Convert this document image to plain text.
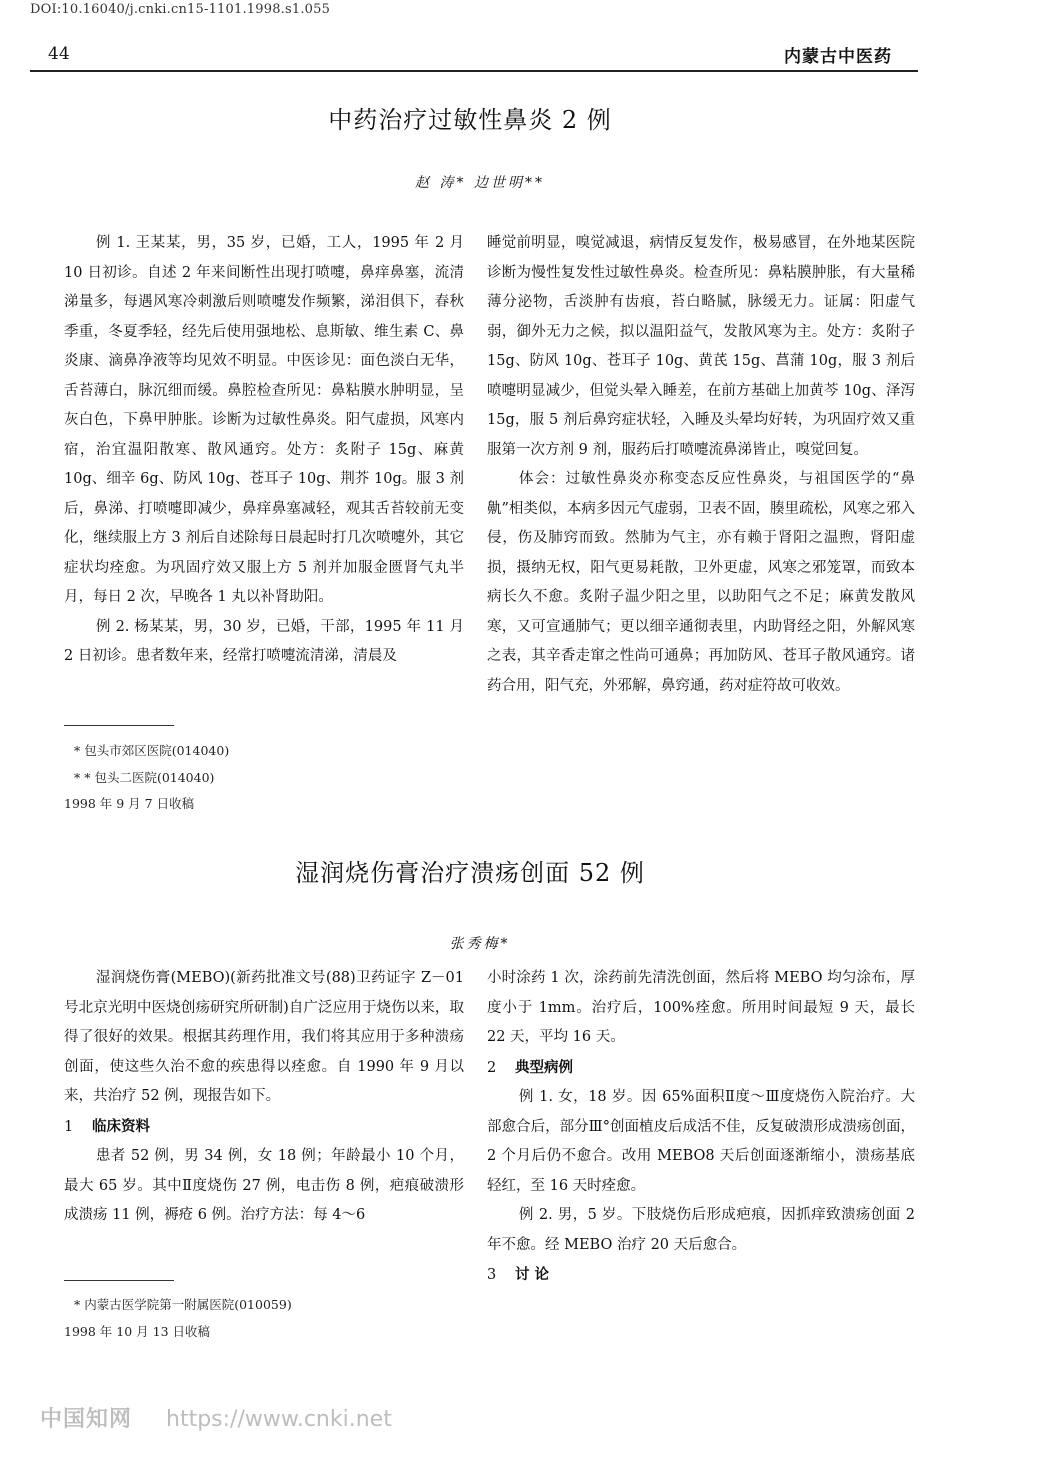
DOI:10.16040/j.cnki.cn15-1101.1998.s1.055
44	内蒙古中医药
中药治疗过敏性鼻炎 2 例
赵 涛* 边世明**

例 1. 王某某，男，35 岁，已婚，工人，1995 年 2 月 10 日初诊。自述 2 年来间断性出现打喷嚏，鼻痒鼻塞，流清涕量多，每遇风寒冷刺激后则喷嚏发作频繁，涕泪俱下，春秋季重，冬夏季轻，经先后使用强地松、息斯敏、维生素 C、鼻炎康、滴鼻净液等均见效不明显。中医诊见：面色淡白无华，舌苔薄白，脉沉细而缓。鼻腔检查所见：鼻粘膜水肿明显，呈灰白色，下鼻甲肿胀。诊断为过敏性鼻炎。阳气虚损，风寒内宿，治宜温阳散寒、散风通窍。处方：炙附子 15g、麻黄 10g、细辛 6g、防风 10g、苍耳子 10g、荆芥 10g。服 3 剂后，鼻涕、打喷嚏即减少，鼻痒鼻塞减轻，观其舌苔较前无变化，继续服上方 3 剂后自述除每日晨起时打几次喷嚏外，其它症状均痊愈。为巩固疗效又服上方 5 剂并加服金匮肾气丸半月，每日 2 次，早晚各 1 丸以补肾助阳。

例 2. 杨某某，男，30 岁，已婚，干部，1995 年 11 月 2 日初诊。患者数年来，经常打喷嚏流清涕，清晨及

睡觉前明显，嗅觉减退，病情反复发作，极易感冒，在外地某医院诊断为慢性复发性过敏性鼻炎。检查所见：鼻粘膜肿胀，有大量稀薄分泌物，舌淡肿有齿痕，苔白略腻，脉缓无力。证属：阳虚气弱，御外无力之候，拟以温阳益气，发散风寒为主。处方：炙附子 15g、防风 10g、苍耳子 10g、黄芪 15g、菖蒲 10g，服 3 剂后喷嚏明显减少，但觉头晕入睡差，在前方基础上加黄芩 10g、泽泻 15g，服 5 剂后鼻窍症状轻，入睡及头晕均好转，为巩固疗效又重服第一次方剂 9 剂，服药后打喷嚏流鼻涕皆止，嗅觉回复。

体会：过敏性鼻炎亦称变态反应性鼻炎，与祖国医学的“鼻鼽”相类似，本病多因元气虚弱，卫表不固，腠里疏松，风寒之邪入侵，伤及肺窍而致。然肺为气主，亦有赖于肾阳之温煦，肾阳虚损，摄纳无权，阳气更易耗散，卫外更虚，风寒之邪笼罩，而致本病长久不愈。炙附子温少阳之里，以助阳气之不足；麻黄发散风寒，又可宣通肺气；更以细辛通彻表里，内助肾经之阳，外解风寒之表，其辛香走窜之性尚可通鼻；再加防风、苍耳子散风通窍。诸药合用，阳气充，外邪解，鼻窍通，药对症符故可收效。

* 包头市郊区医院(014040)
* * 包头二医院(014040)
1998 年 9 月 7 日收稿
湿润烧伤膏治疗溃疡创面 52 例
张秀梅*

湿润烧伤膏(MEBO)(新药批准文号(88)卫药证字 Z－01 号北京光明中医烧创疡研究所研制)自广泛应用于烧伤以来，取得了很好的效果。根据其药理作用，我们将其应用于多种溃疡创面，使这些久治不愈的疾患得以痊愈。自 1990 年 9 月以来，共治疗 52 例，现报告如下。

1 临床资料

患者 52 例，男 34 例，女 18 例；年龄最小 10 个月，最大 65 岁。其中Ⅱ度烧伤 27 例，电击伤 8 例，疤痕破溃形成溃疡 11 例，褥疮 6 例。治疗方法：每 4～6

小时涂药 1 次，涂药前先清洗创面，然后将 MEBO 均匀涂布，厚度小于 1mm。治疗后，100%痊愈。所用时间最短 9 天，最长 22 天，平均 16 天。

2 典型病例

例 1. 女，18 岁。因 65%面积Ⅱ度～Ⅲ度烧伤入院治疗。大部愈合后，部分Ⅲ°创面植皮后成活不佳，反复破溃形成溃疡创面，2 个月后仍不愈合。改用 MEBO8 天后创面逐渐缩小，溃疡基底轻红，至 16 天时痊愈。

例 2. 男，5 岁。下肢烧伤后形成疤痕，因抓痒致溃疡创面 2 年不愈。经 MEBO 治疗 20 天后愈合。

3 讨 论

* 内蒙古医学院第一附属医院(010059)
1998 年 10 月 13 日收稿
中国知网 https://www.cnki.net
